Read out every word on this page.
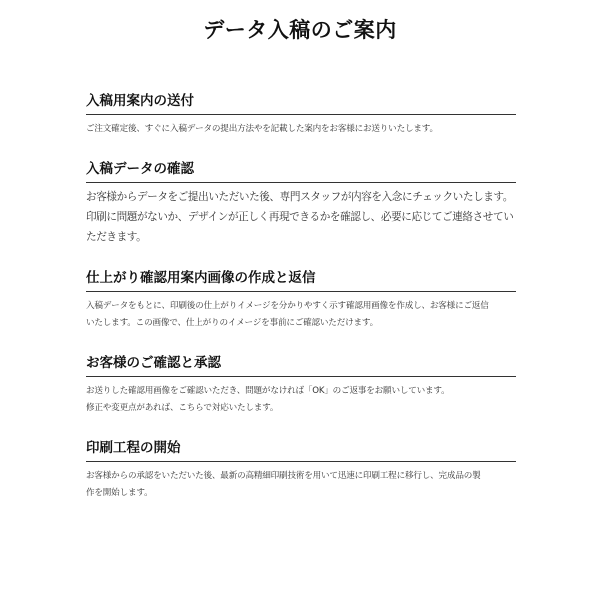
データ入稿のご案内
入稿用案内の送付

ご注文確定後、すぐに入稿データの提出方法やを記載した案内をお客様にお送りいたします。

入稿データの確認

お客様からデータをご提出いただいた後、専門スタッフが内容を入念にチェックいたします。
印刷に問題がないか、デザインが正しく再現できるかを確認し、必要に応じてご連絡させてい
ただきます。

仕上がり確認用案内画像の作成と返信

入稿データをもとに、印刷後の仕上がりイメージを分かりやすく示す確認用画像を作成し、お客様にご返信
いたします。この画像で、仕上がりのイメージを事前にご確認いただけます。

お客様のご確認と承認

お送りした確認用画像をご確認いただき、問題がなければ「OK」のご返事をお願いしています。
修正や変更点があれば、こちらで対応いたします。

印刷工程の開始

お客様からの承認をいただいた後、最新の高精細印刷技術を用いて迅速に印刷工程に移行し、完成品の製
作を開始します。
